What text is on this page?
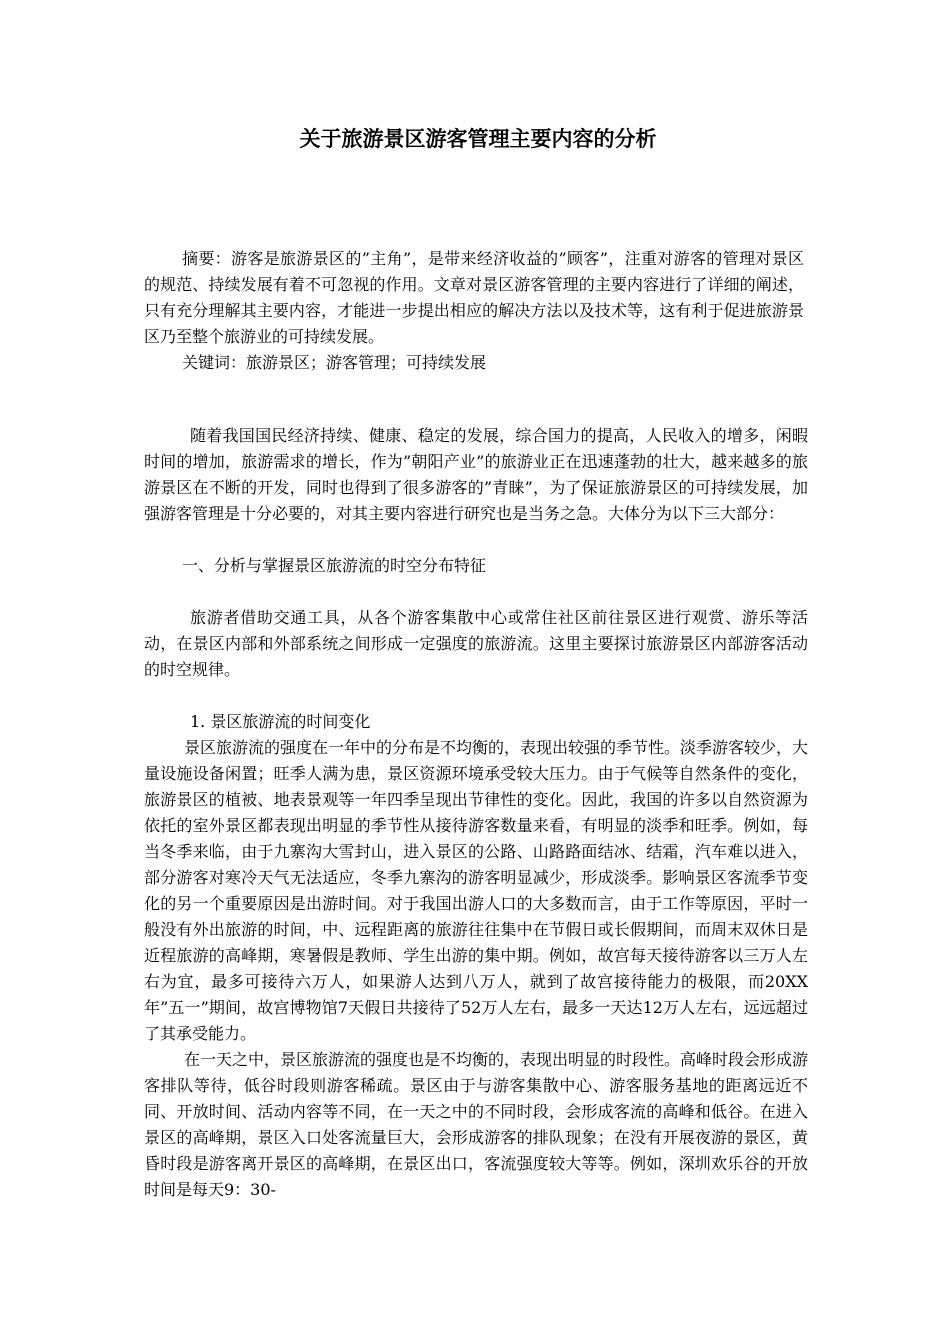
关于旅游景区游客管理主要内容的分析

摘要：游客是旅游景区的”主角”，是带来经济收益的”顾客”，注重对游客的管理对景区的规范、持续发展有着不可忽视的作用。文章对景区游客管理的主要内容进行了详细的阐述，只有充分理解其主要内容，才能进一步提出相应的解决方法以及技术等，这有利于促进旅游景区乃至整个旅游业的可持续发展。

关键词：旅游景区；游客管理；可持续发展

随着我国国民经济持续、健康、稳定的发展，综合国力的提高，人民收入的增多，闲暇时间的增加，旅游需求的增长，作为”朝阳产业”的旅游业正在迅速蓬勃的壮大，越来越多的旅游景区在不断的开发，同时也得到了很多游客的”青睐”，为了保证旅游景区的可持续发展，加强游客管理是十分必要的，对其主要内容进行研究也是当务之急。大体分为以下三大部分：

一、分析与掌握景区旅游流的时空分布特征

旅游者借助交通工具，从各个游客集散中心或常住社区前往景区进行观赏、游乐等活动，在景区内部和外部系统之间形成一定强度的旅游流。这里主要探讨旅游景区内部游客活动的时空规律。

1. 景区旅游流的时间变化

景区旅游流的强度在一年中的分布是不均衡的，表现出较强的季节性。淡季游客较少，大量设施设备闲置；旺季人满为患，景区资源环境承受较大压力。由于气候等自然条件的变化，旅游景区的植被、地表景观等一年四季呈现出节律性的变化。因此，我国的许多以自然资源为依托的室外景区都表现出明显的季节性从接待游客数量来看，有明显的淡季和旺季。例如，每当冬季来临，由于九寨沟大雪封山，进入景区的公路、山路路面结冰、结霜，汽车难以进入，部分游客对寒冷天气无法适应，冬季九寨沟的游客明显减少，形成淡季。影响景区客流季节变化的另一个重要原因是出游时间。对于我国出游人口的大多数而言，由于工作等原因，平时一般没有外出旅游的时间，中、远程距离的旅游往往集中在节假日或长假期间，而周末双休日是近程旅游的高峰期，寒暑假是教师、学生出游的集中期。例如，故宫每天接待游客以三万人左右为宜，最多可接待六万人，如果游人达到八万人，就到了故宫接待能力的极限，而20XX年”五一”期间，故宫博物馆7天假日共接待了52万人左右，最多一天达12万人左右，远远超过了其承受能力。

在一天之中，景区旅游流的强度也是不均衡的，表现出明显的时段性。高峰时段会形成游客排队等待，低谷时段则游客稀疏。景区由于与游客集散中心、游客服务基地的距离远近不同、开放时间、活动内容等不同，在一天之中的不同时段，会形成客流的高峰和低谷。在进入景区的高峰期，景区入口处客流量巨大，会形成游客的排队现象；在没有开展夜游的景区，黄昏时段是游客离开景区的高峰期，在景区出口，客流强度较大等等。例如，深圳欢乐谷的开放时间是每天9：30-
